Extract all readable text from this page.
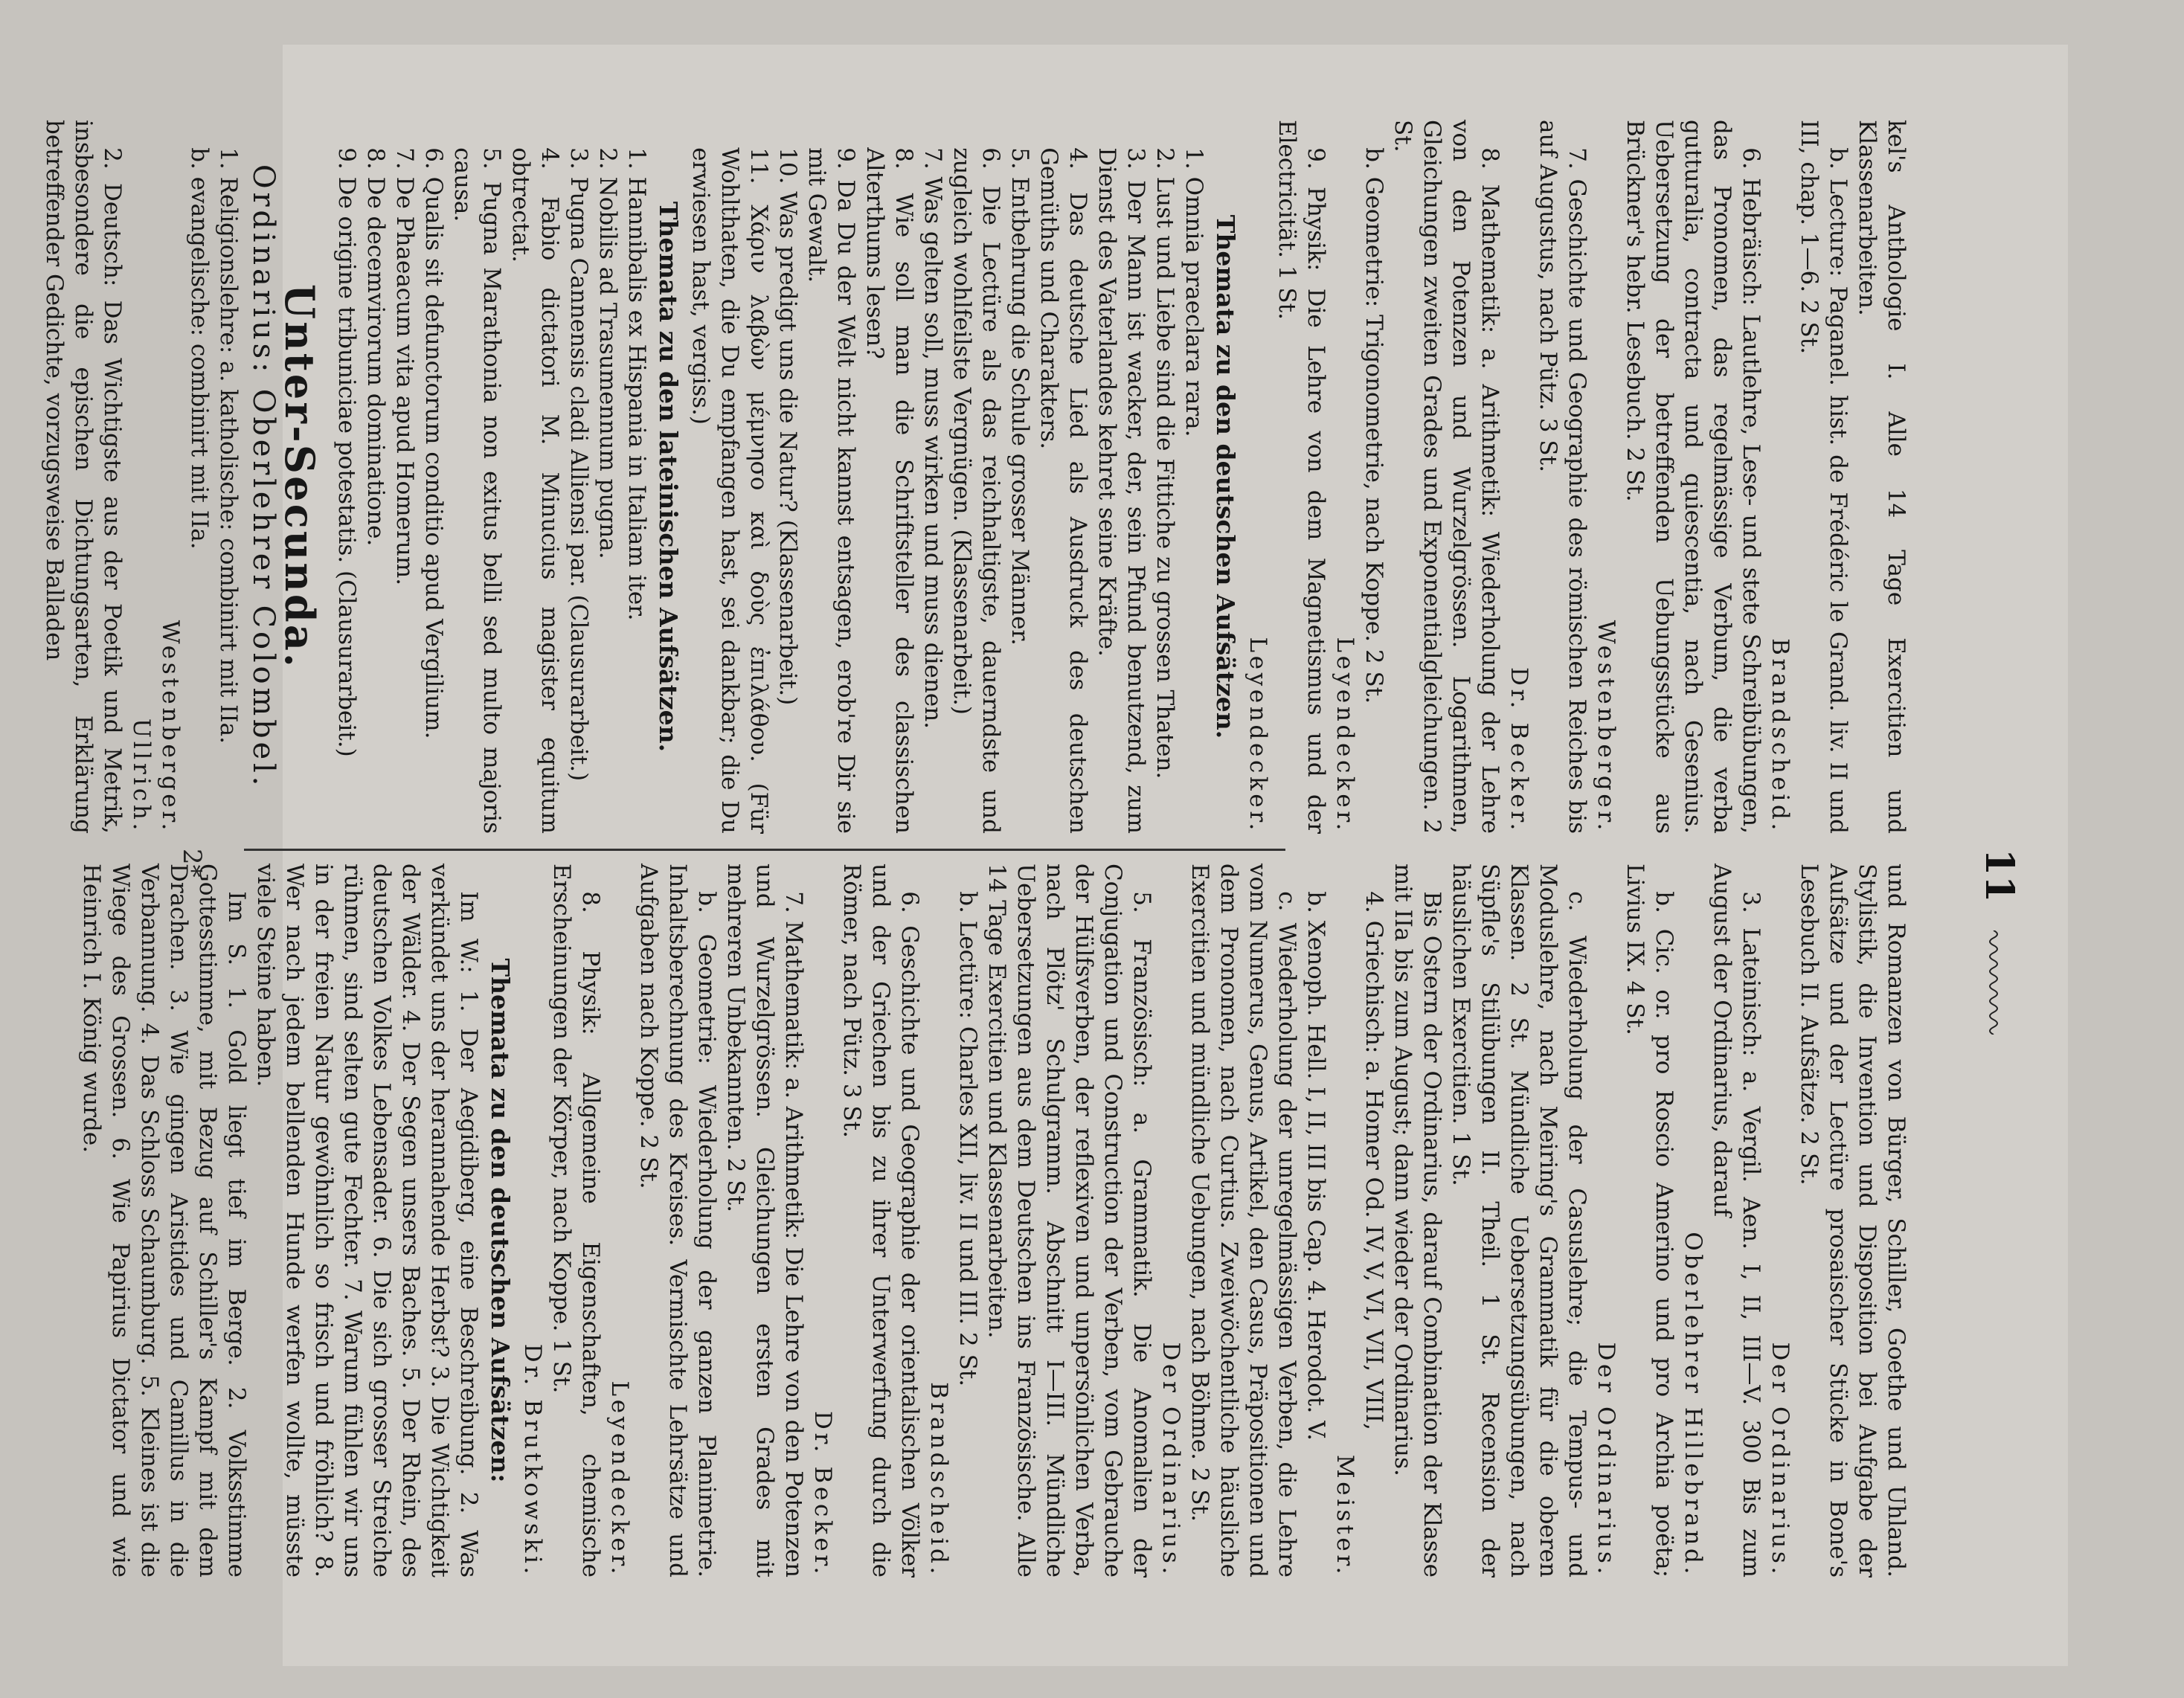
11

kel's Anthologie I. Alle 14 Tage Exercitien und Klassenarbeiten.

b. Lecture: Paganel. hist. de Frédéric le Grand. liv. II und III, chap. 1—6. 2 St.

Brandscheid.

6. Hebräisch: Lautlehre, Lese- und stete Schreibübungen, das Pronomen, das regelmässige Verbum, die verba gutturalia, contracta und quiescentia, nach Gesenius. Uebersetzung der betreffenden Uebungsstücke aus Brückner's hebr. Lesebuch. 2 St.

Westenberger.

7. Geschichte und Geographie des römischen Reiches bis auf Augustus, nach Pütz. 3 St.

Dr. Becker.

8. Mathematik: a. Arithmetik: Wiederholung der Lehre von den Potenzen und Wurzelgrössen. Logarithmen, Gleichungen zweiten Grades und Exponentialgleichungen. 2 St.

b. Geometrie: Trigonometrie, nach Koppe. 2 St.

Leyendecker.

9. Physik: Die Lehre von dem Magnetismus und der Electricität. 1 St.

Leyendecker.

Themata zu den deutschen Aufsätzen.

1. Omnia praeclara rara.

2. Lust und Liebe sind die Fittiche zu grossen Thaten.

3. Der Mann ist wacker, der, sein Pfund benutzend, zum Dienst des Vaterlandes kehret seine Kräfte.

4. Das deutsche Lied als Ausdruck des deutschen Gemüths und Charakters.

5. Entbehrung die Schule grosser Männer.

6. Die Lectüre als das reichhaltigste, dauerndste und zugleich wohlfeilste Vergnügen. (Klassenarbeit.)

7. Was gelten soll, muss wirken und muss dienen.

8. Wie soll man die Schriftsteller des classischen Alterthums lesen?

9. Da Du der Welt nicht kannst entsagen, erob're Dir sie mit Gewalt.

10. Was predigt uns die Natur? (Klassenarbeit.)

11. Χάριν λαβὼν μέμνησο καὶ δοὺς ἐπιλάθου. (Für Wohlthaten, die Du empfangen hast, sei dankbar; die Du erwiesen hast, vergiss.)

Themata zu den lateinischen Aufsätzen.

1. Hannibalis ex Hispania in Italiam iter.

2. Nobilis ad Trasumennum pugna.

3. Pugna Cannensis cladi Alliensi par. (Clausurarbeit.)

4. Fabio dictatori M. Minucius magister equitum obtrectat.

5. Pugna Marathonia non exitus belli sed multo majoris causa.

6. Qualis sit defunctorum conditio apud Vergilium.

7. De Phaeacum vita apud Homerum.

8. De decemvirorum dominatione.

9. De origine tribuniciae potestatis. (Clausurarbeit.)

Unter-Secunda.

Ordinarius: Oberlehrer Colombel.

1. Religionslehre: a. katholische: combinirt mit IIa.

b. evangelische: combinirt mit IIa.

Westenberger.

Ullrich.

2. Deutsch: Das Wichtigste aus der Poetik und Metrik, insbesondere die epischen Dichtungsarten, Erklärung betreffender Gedichte, vorzugsweise Balladen

und Romanzen von Bürger, Schiller, Goethe und Uhland. Stylistik, die Invention und Disposition bei Aufgabe der Aufsätze und der Lectüre prosaischer Stücke in Bone's Lesebuch II. Aufsätze. 2 St.

Der Ordinarius.

3. Lateinisch: a. Vergil. Aen. I, II, III—V. 300 Bis zum August der Ordinarius, darauf

Oberlehrer Hillebrand.

b. Cic. or. pro Roscio Amerino und pro Archia poëta; Livius IX. 4 St.

Der Ordinarius.

c. Wiederholung der Casuslehre; die Tempus- und Moduslehre, nach Meiring's Grammatik für die oberen Klassen. 2 St. Mündliche Uebersetzungsübungen, nach Süpfle's Stilübungen II. Theil. 1 St. Recension der häuslichen Exercitien. 1 St.

Bis Ostern der Ordinarius, darauf Combination der Klasse mit IIa bis zum August; dann wieder der Ordinarius.

4. Griechisch: a. Homer Od. IV, V, VI, VII, VIII,

Meister.

b. Xenoph. Hell. I, II, III bis Cap. 4. Herodot. V.

c. Wiederholung der unregelmässigen Verben, die Lehre vom Numerus, Genus, Artikel, den Casus, Präpositionen und dem Pronomen, nach Curtius. Zweiwöchentliche häusliche Exercitien und mündliche Uebungen, nach Böhme. 2 St.

Der Ordinarius.

5. Französisch: a. Grammatik. Die Anomalien der Conjugation und Construction der Verben, vom Gebrauche der Hülfsverben, der reflexiven und unpersönlichen Verba, nach Plötz' Schulgramm. Abschnitt I—III. Mündliche Uebersetzungen aus dem Deutschen ins Französische. Alle 14 Tage Exercitien und Klassenarbeiten.

b. Lectüre: Charles XII, liv. II und III. 2 St.

Brandscheid.

6. Geschichte und Geographie der orientalischen Völker und der Griechen bis zu ihrer Unterwerfung durch die Römer, nach Pütz. 3 St.

Dr. Becker.

7. Mathematik: a. Arithmetik: Die Lehre von den Potenzen und Wurzelgrössen. Gleichungen ersten Grades mit mehreren Unbekannten. 2 St.

b. Geometrie: Wiederholung der ganzen Planimetrie. Inhaltsberechnung des Kreises. Vermischte Lehrsätze und Aufgaben nach Koppe. 2 St.

Leyendecker.

8. Physik: Allgemeine Eigenschaften, chemische Erscheinungen der Körper, nach Koppe. 1 St.

Dr. Brutkowski.

Themata zu den deutschen Aufsätzen:

Im W.: 1. Der Aegidiberg, eine Beschreibung. 2. Was verkündet uns der herannahende Herbst? 3. Die Wichtigkeit der Wälder. 4. Der Segen unsers Baches. 5. Der Rhein, des deutschen Volkes Lebensader. 6. Die sich grosser Streiche rühmen, sind selten gute Fechter. 7. Warum fühlen wir uns in der freien Natur gewöhnlich so frisch und fröhlich? 8. Wer nach jedem bellenden Hunde werfen wollte, müsste viele Steine haben.

Im S. 1. Gold liegt tief im Berge. 2. Volksstimme Gottesstimme, mit Bezug auf Schiller's Kampf mit dem Drachen. 3. Wie gingen Aristides und Camillus in die Verbannung. 4. Das Schloss Schaumburg. 5. Kleines ist die Wiege des Grossen. 6. Wie Papirius Dictator und wie Heinrich I. König wurde.

2*
